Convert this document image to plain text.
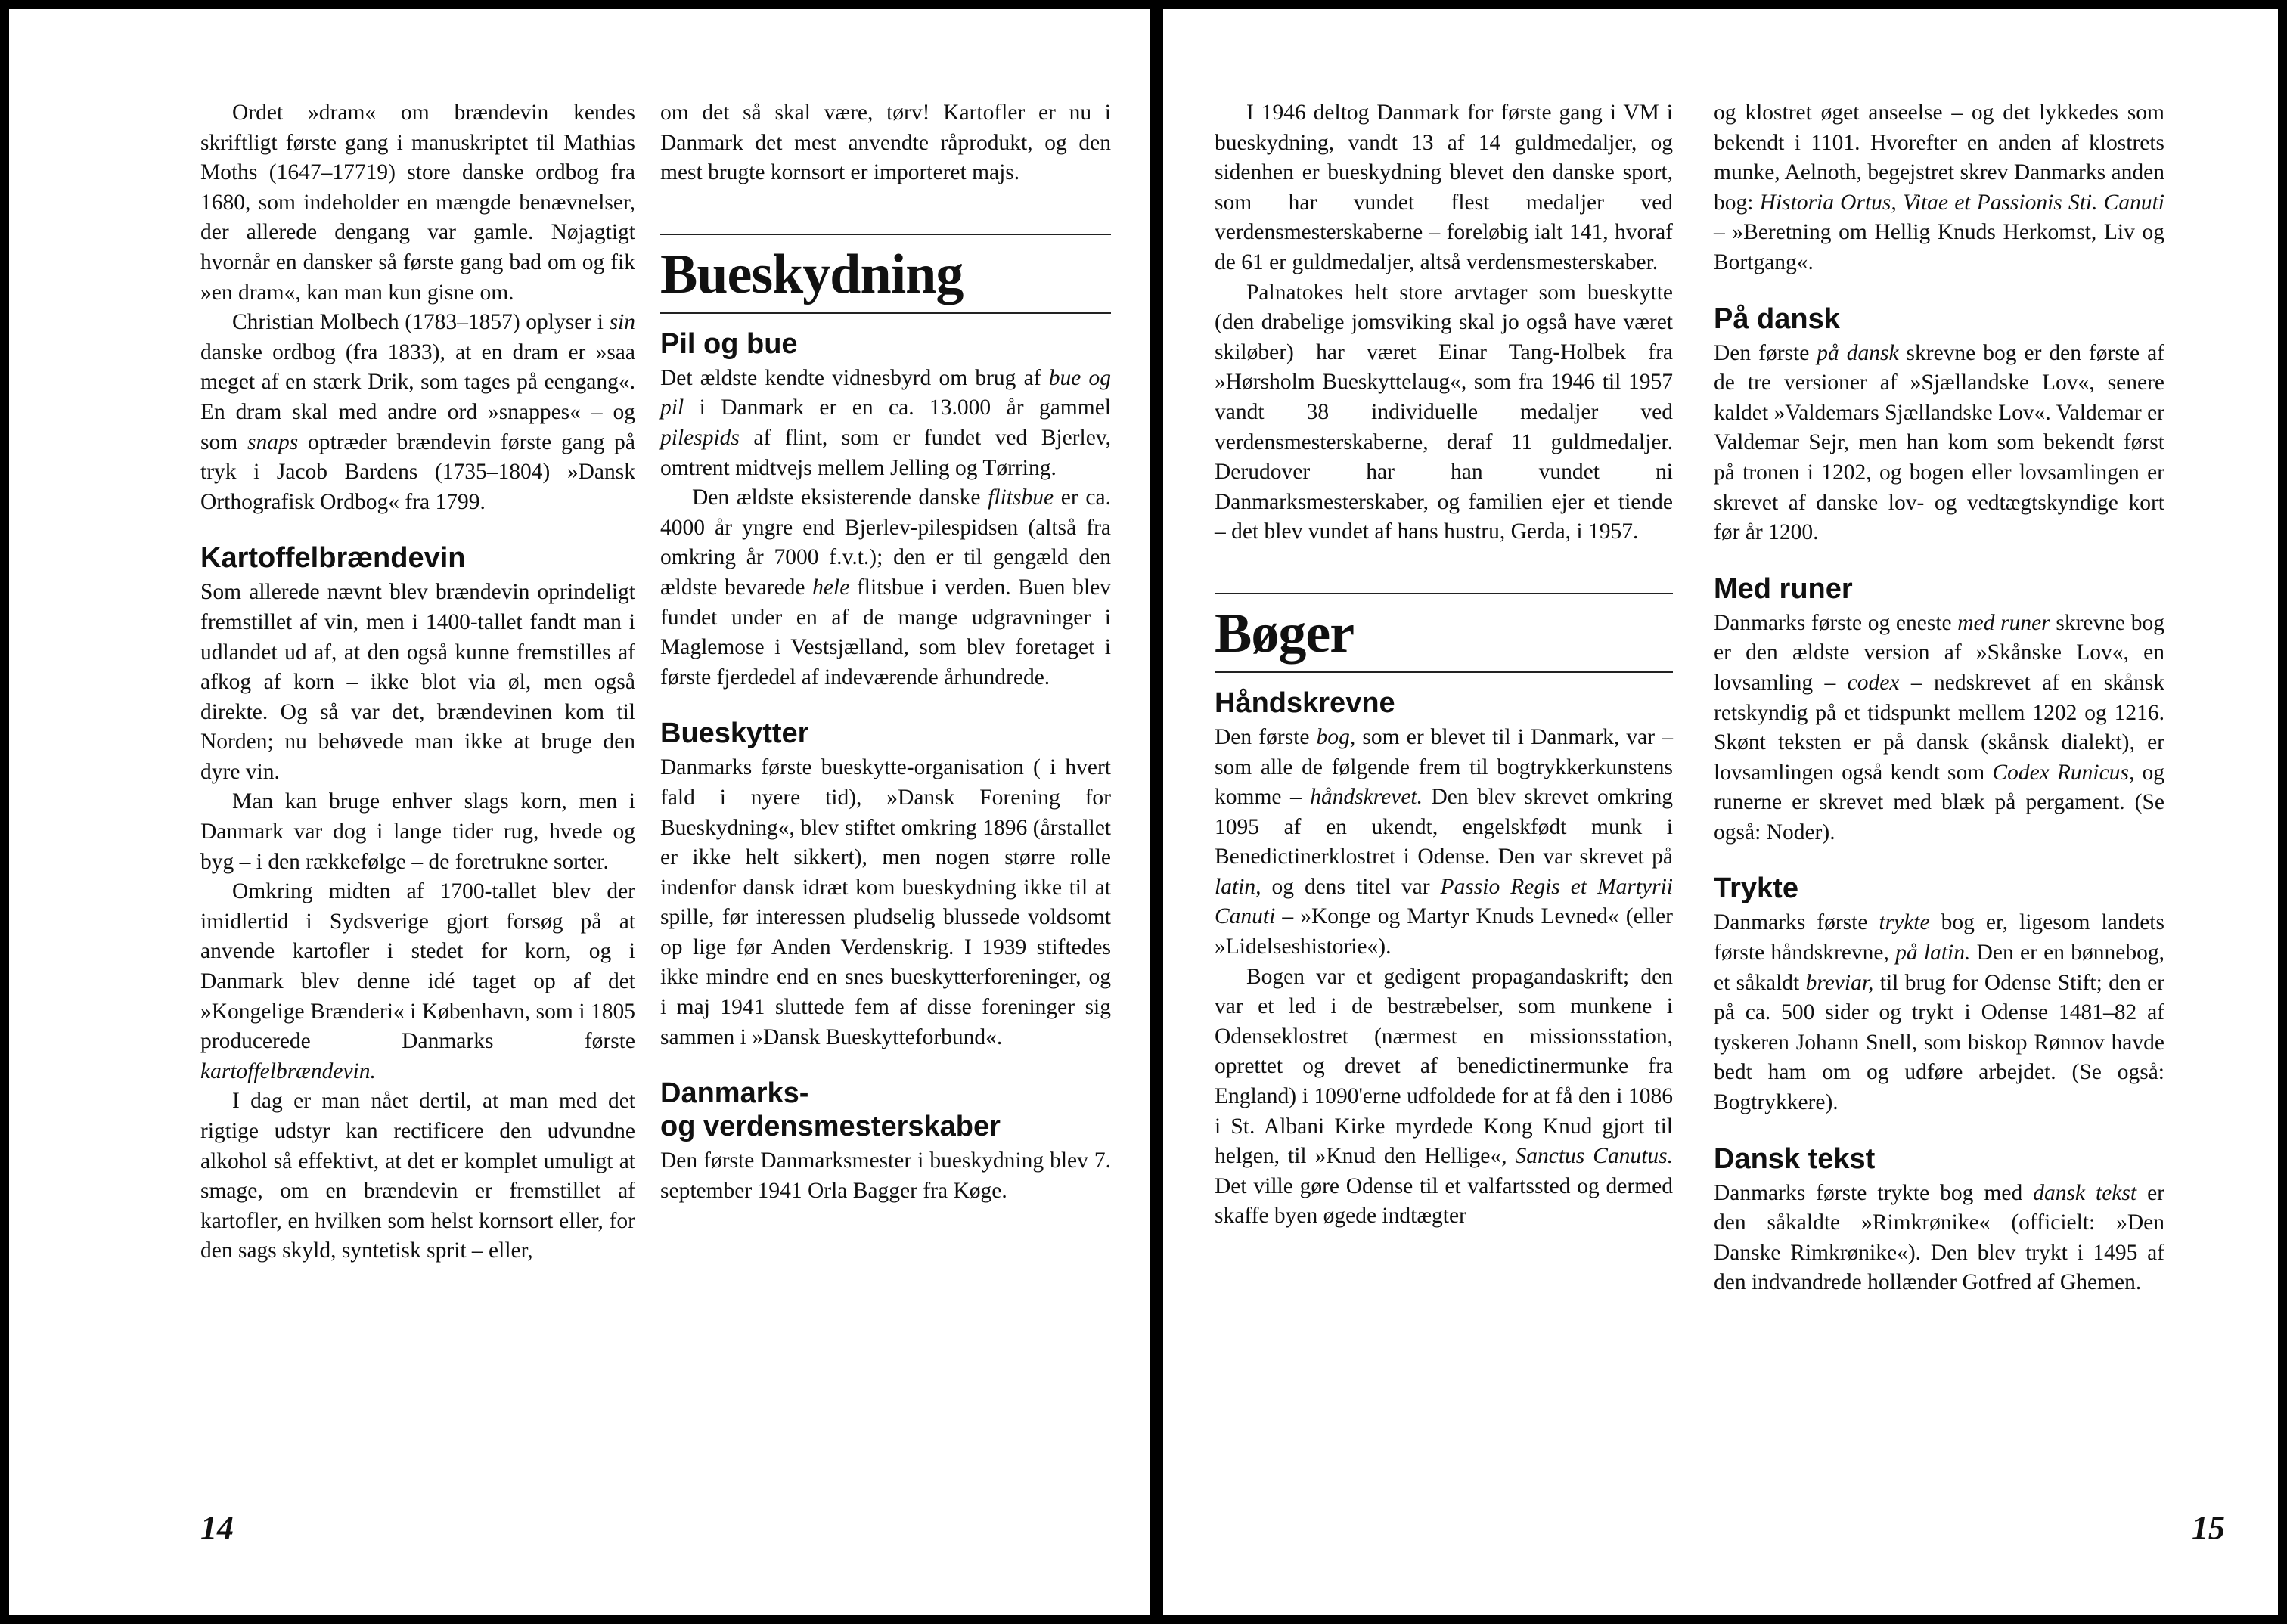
Ordet »dram« om brændevin kendes skriftligt første gang i manuskriptet til Mathias Moths (1647–17719) store danske ordbog fra 1680, som indeholder en mængde benævnelser, der allerede dengang var gamle. Nøjagtigt hvornår en dansker så første gang bad om og fik »en dram«, kan man kun gisne om.

Christian Molbech (1783–1857) oplyser i sin danske ordbog (fra 1833), at en dram er »saa meget af en stærk Drik, som tages på eengang«. En dram skal med andre ord »snappes« – og som snaps optræder brændevin første gang på tryk i Jacob Bardens (1735–1804) »Dansk Orthografisk Ordbog« fra 1799.

Kartoffelbrændevin

Som allerede nævnt blev brændevin oprindeligt fremstillet af vin, men i 1400-tallet fandt man i udlandet ud af, at den også kunne fremstilles af afkog af korn – ikke blot via øl, men også direkte. Og så var det, brændevinen kom til Norden; nu behøvede man ikke at bruge den dyre vin.

Man kan bruge enhver slags korn, men i Danmark var dog i lange tider rug, hvede og byg – i den rækkefølge – de foretrukne sorter.

Omkring midten af 1700-tallet blev der imidlertid i Sydsverige gjort forsøg på at anvende kartofler i stedet for korn, og i Danmark blev denne idé taget op af det »Kongelige Brænderi« i København, som i 1805 producerede Danmarks første kartoffelbrændevin.

I dag er man nået dertil, at man med det rigtige udstyr kan rectificere den udvundne alkohol så effektivt, at det er komplet umuligt at smage, om en brændevin er fremstillet af kartofler, en hvilken som helst kornsort eller, for den sags skyld, syntetisk sprit – eller,

om det så skal være, tørv! Kartofler er nu i Danmark det mest anvendte råprodukt, og den mest brugte kornsort er importeret majs.

Bueskydning
Pil og bue

Det ældste kendte vidnesbyrd om brug af bue og pil i Danmark er en ca. 13.000 år gammel pilespids af flint, som er fundet ved Bjerlev, omtrent midtvejs mellem Jelling og Tørring.

Den ældste eksisterende danske flitsbue er ca. 4000 år yngre end Bjerlev-pilespidsen (altså fra omkring år 7000 f.v.t.); den er til gengæld den ældste bevarede hele flitsbue i verden. Buen blev fundet under en af de mange udgravninger i Maglemose i Vestsjælland, som blev foretaget i første fjerdedel af indeværende århundrede.

Bueskytter

Danmarks første bueskytte-organisation ( i hvert fald i nyere tid), »Dansk Forening for Bueskydning«, blev stiftet omkring 1896 (årstallet er ikke helt sikkert), men nogen større rolle indenfor dansk idræt kom bueskydning ikke til at spille, før interessen pludselig blussede voldsomt op lige før Anden Verdenskrig. I 1939 stiftedes ikke mindre end en snes bueskytterforeninger, og i maj 1941 sluttede fem af disse foreninger sig sammen i »Dansk Bueskytteforbund«.

Danmarks-
og verdensmesterskaber

Den første Danmarksmester i bueskydning blev 7. september 1941 Orla Bagger fra Køge.

14

I 1946 deltog Danmark for første gang i VM i bueskydning, vandt 13 af 14 guldmedaljer, og sidenhen er bueskydning blevet den danske sport, som har vundet flest medaljer ved verdensmesterskaberne – foreløbig ialt 141, hvoraf de 61 er guldmedaljer, altså verdensmesterskaber.

Palnatokes helt store arvtager som bueskytte (den drabelige jomsviking skal jo også have været skiløber) har været Einar Tang-Holbek fra »Hørsholm Bueskyttelaug«, som fra 1946 til 1957 vandt 38 individuelle medaljer ved verdensmesterskaberne, deraf 11 guldmedaljer. Derudover har han vundet ni Danmarksmesterskaber, og familien ejer et tiende – det blev vundet af hans hustru, Gerda, i 1957.

Bøger
Håndskrevne

Den første bog, som er blevet til i Danmark, var – som alle de følgende frem til bogtrykkerkunstens komme – håndskrevet. Den blev skrevet omkring 1095 af en ukendt, engelskfødt munk i Benedictinerklostret i Odense. Den var skrevet på latin, og dens titel var Passio Regis et Martyrii Canuti – »Konge og Martyr Knuds Levned« (eller »Lidelseshistorie«).

Bogen var et gedigent propagandaskrift; den var et led i de bestræbelser, som munkene i Odenseklostret (nærmest en missionsstation, oprettet og drevet af benedictinermunke fra England) i 1090'erne udfoldede for at få den i 1086 i St. Albani Kirke myrdede Kong Knud gjort til helgen, til »Knud den Hellige«, Sanctus Canutus. Det ville gøre Odense til et valfartssted og dermed skaffe byen øgede indtægter

og klostret øget anseelse – og det lykkedes som bekendt i 1101. Hvorefter en anden af klostrets munke, Aelnoth, begejstret skrev Danmarks anden bog: Historia Ortus, Vitae et Passionis Sti. Canuti – »Beretning om Hellig Knuds Herkomst, Liv og Bortgang«.

På dansk

Den første på dansk skrevne bog er den første af de tre versioner af »Sjællandske Lov«, senere kaldet »Valdemars Sjællandske Lov«. Valdemar er Valdemar Sejr, men han kom som bekendt først på tronen i 1202, og bogen eller lovsamlingen er skrevet af danske lov- og vedtægtskyndige kort før år 1200.

Med runer

Danmarks første og eneste med runer skrevne bog er den ældste version af »Skånske Lov«, en lovsamling – codex – nedskrevet af en skånsk retskyndig på et tidspunkt mellem 1202 og 1216. Skønt teksten er på dansk (skånsk dialekt), er lovsamlingen også kendt som Codex Runicus, og runerne er skrevet med blæk på pergament. (Se også: Noder).

Trykte

Danmarks første trykte bog er, ligesom landets første håndskrevne, på latin. Den er en bønnebog, et såkaldt breviar, til brug for Odense Stift; den er på ca. 500 sider og trykt i Odense 1481–82 af tyskeren Johann Snell, som biskop Rønnov havde bedt ham om og udføre arbejdet. (Se også: Bogtrykkere).

Dansk tekst

Danmarks første trykte bog med dansk tekst er den såkaldte »Rimkrønike« (officielt: »Den Danske Rimkrønike«). Den blev trykt i 1495 af den indvandrede hollænder Gotfred af Ghemen.

15
